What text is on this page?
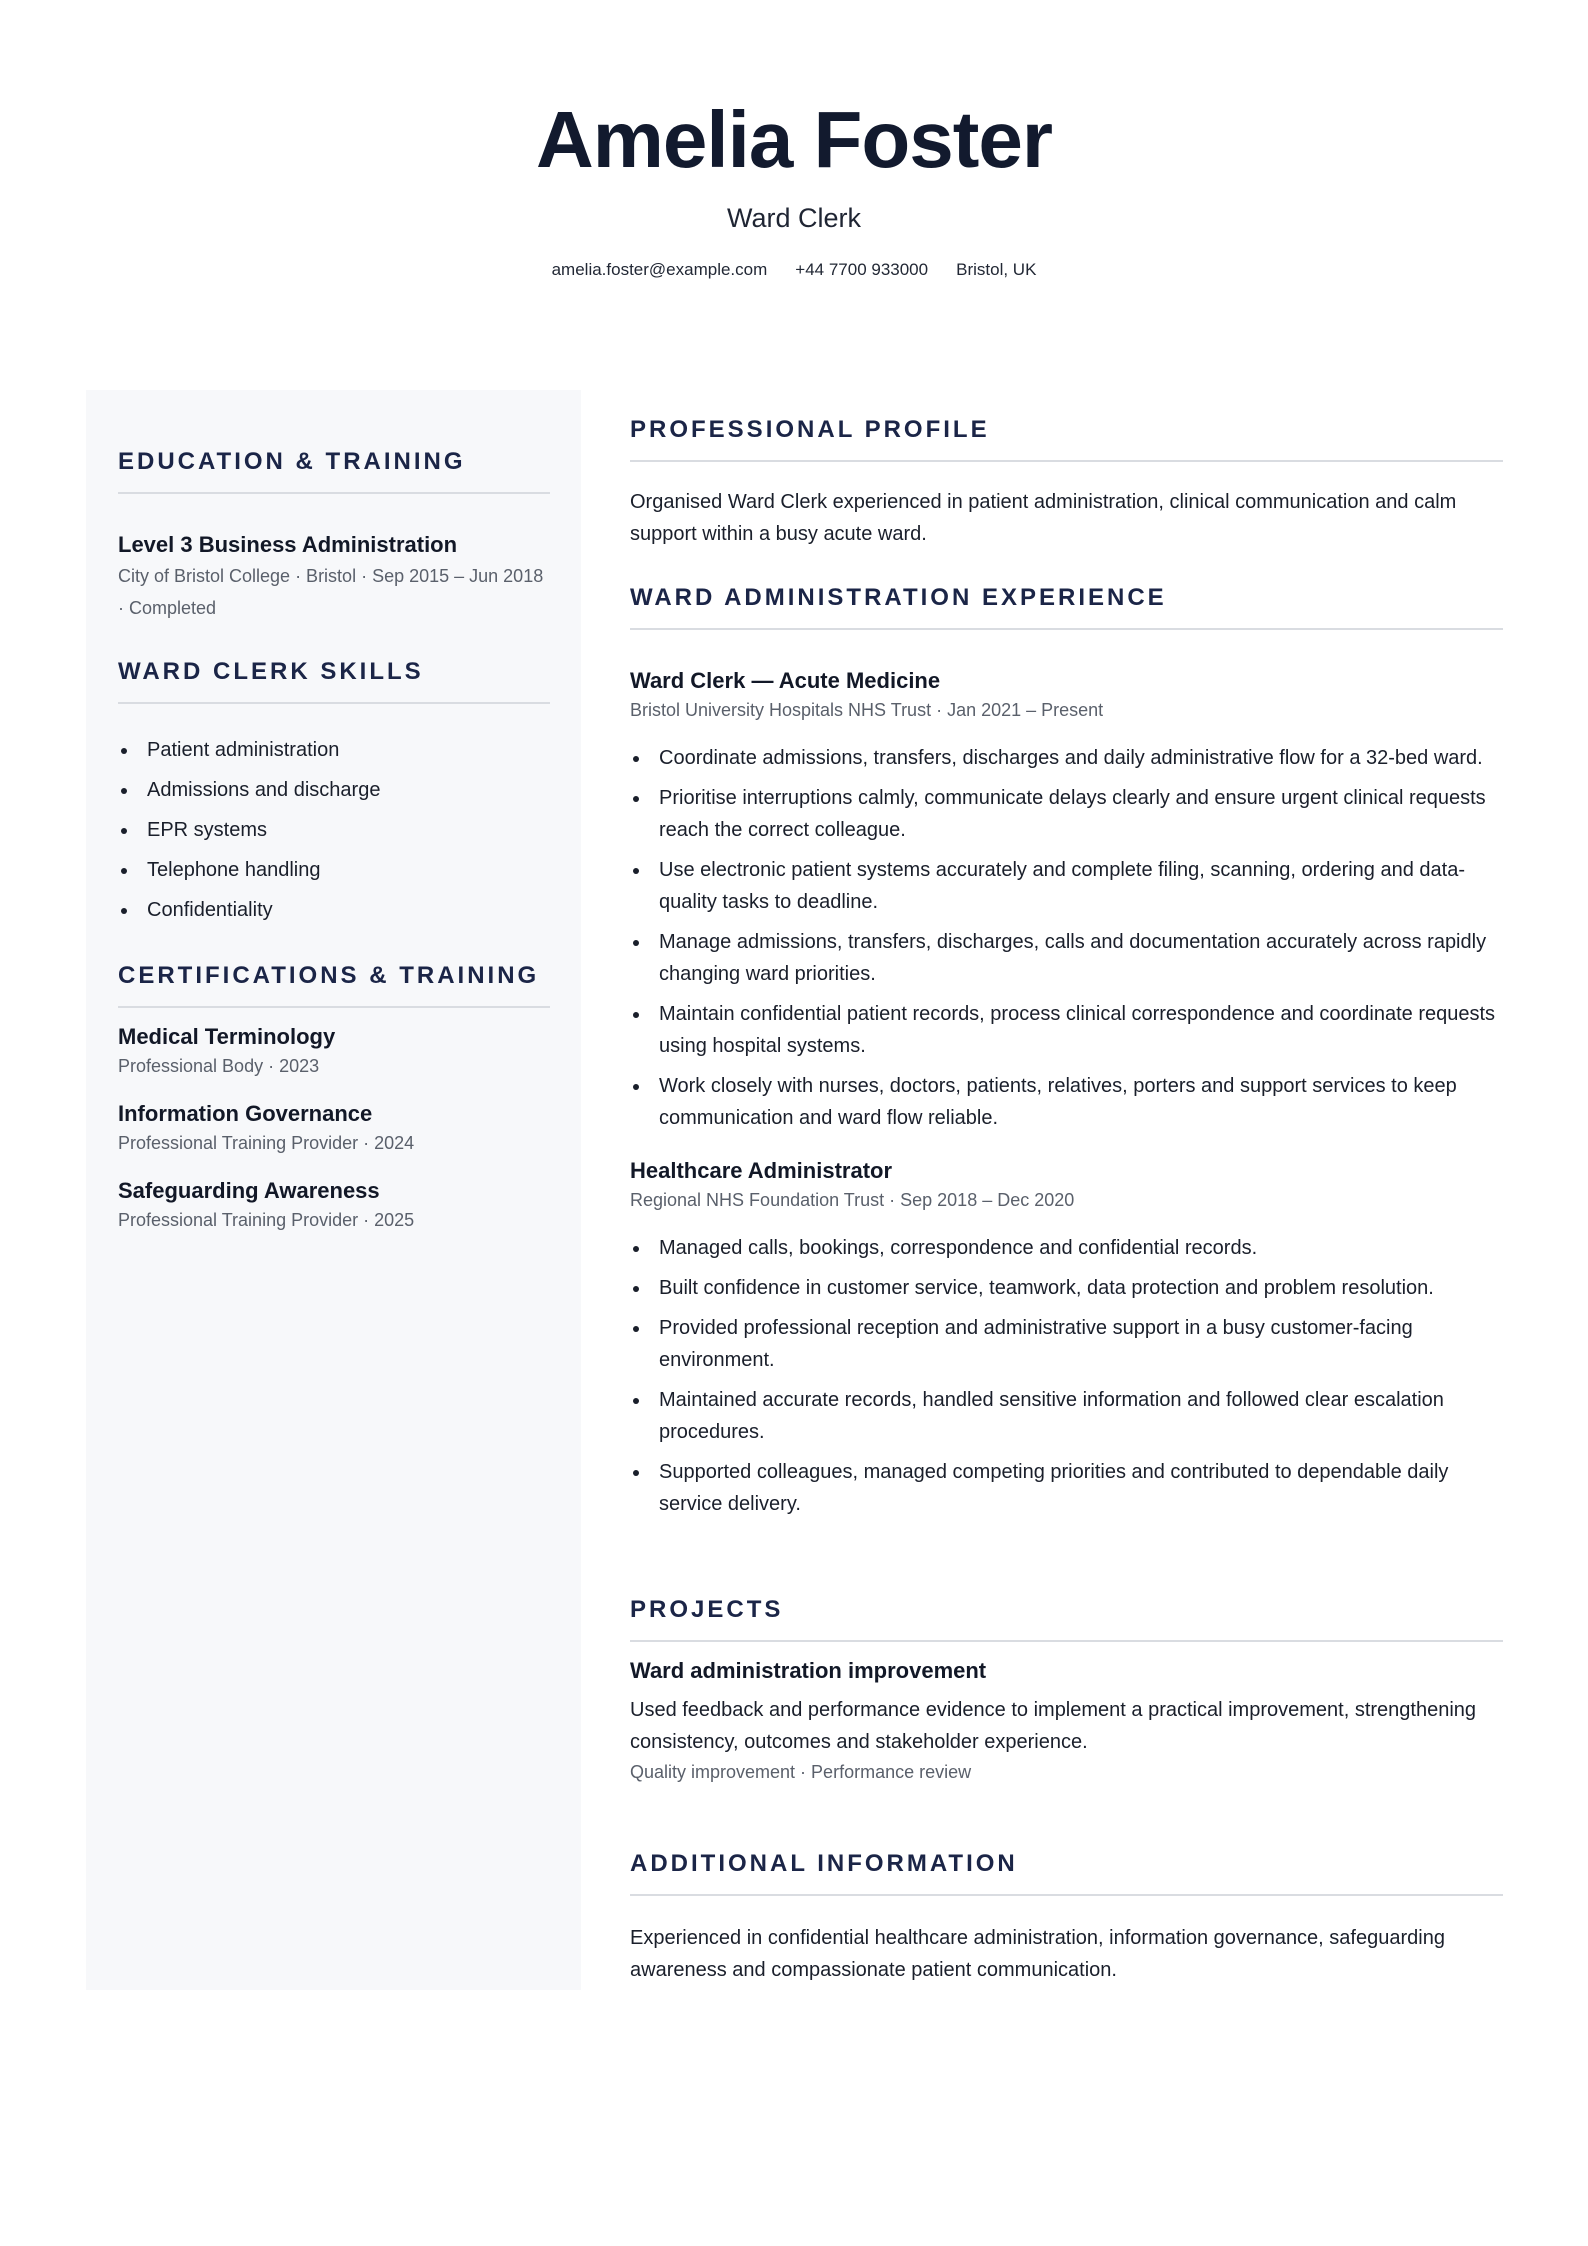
Amelia Foster
Ward Clerk
amelia.foster@example.com +44 7700 933000 Bristol, UK
EDUCATION & TRAINING
Level 3 Business Administration
City of Bristol College · Bristol · Sep 2015 – Jun 2018 · Completed
WARD CLERK SKILLS
Patient administration
Admissions and discharge
EPR systems
Telephone handling
Confidentiality
CERTIFICATIONS & TRAINING
Medical Terminology
Professional Body · 2023
Information Governance
Professional Training Provider · 2024
Safeguarding Awareness
Professional Training Provider · 2025
PROFESSIONAL PROFILE

Organised Ward Clerk experienced in patient administration, clinical communication and calm support within a busy acute ward.

WARD ADMINISTRATION EXPERIENCE
Ward Clerk — Acute Medicine
Bristol University Hospitals NHS Trust · Jan 2021 – Present
Coordinate admissions, transfers, discharges and daily administrative flow for a 32-bed ward.
Prioritise interruptions calmly, communicate delays clearly and ensure urgent clinical requests reach the correct colleague.
Use electronic patient systems accurately and complete filing, scanning, ordering and data-quality tasks to deadline.
Manage admissions, transfers, discharges, calls and documentation accurately across rapidly changing ward priorities.
Maintain confidential patient records, process clinical correspondence and coordinate requests using hospital systems.
Work closely with nurses, doctors, patients, relatives, porters and support services to keep communication and ward flow reliable.
Healthcare Administrator
Regional NHS Foundation Trust · Sep 2018 – Dec 2020
Managed calls, bookings, correspondence and confidential records.
Built confidence in customer service, teamwork, data protection and problem resolution.
Provided professional reception and administrative support in a busy customer-facing environment.
Maintained accurate records, handled sensitive information and followed clear escalation procedures.
Supported colleagues, managed competing priorities and contributed to dependable daily service delivery.
PROJECTS
Ward administration improvement

Used feedback and performance evidence to implement a practical improvement, strengthening consistency, outcomes and stakeholder experience.

Quality improvement · Performance review
ADDITIONAL INFORMATION

Experienced in confidential healthcare administration, information governance, safeguarding awareness and compassionate patient communication.
